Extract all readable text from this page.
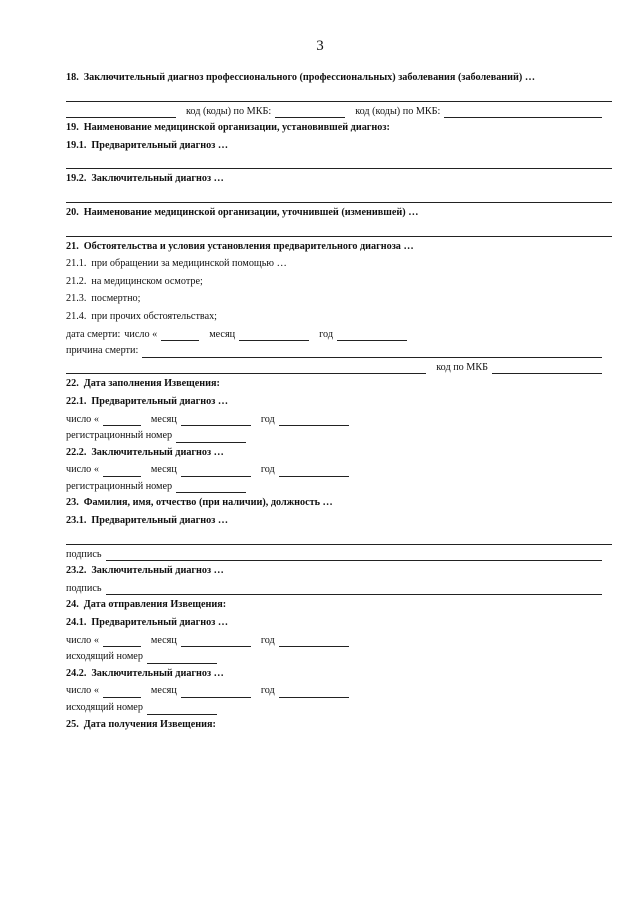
3
18. Заключительный диагноз профессионального (профессиональных) заболевания (заболеваний) …
код (коды) по МКБ:	код (коды) по МКБ:
19. Наименование медицинской организации, установившей диагноз:
19.1. Предварительный диагноз …
19.2. Заключительный диагноз …
20. Наименование медицинской организации, уточнившей (изменившей) …
21. Обстоятельства и условия установления предварительного диагноза …
21.1. при обращении за медицинской помощью …
21.2. на медицинском осмотре;
21.3. посмертно;
21.4. при прочих обстоятельствах;
дата смерти: число «	месяц	год
причина смерти:
код по МКБ
22. Дата заполнения Извещения:
22.1. Предварительный диагноз …
число «	месяц	год
регистрационный номер
22.2. Заключительный диагноз …
число «	месяц	год
регистрационный номер
23. Фамилия, имя, отчество (при наличии), должность …
23.1. Предварительный диагноз …
подпись
23.2. Заключительный диагноз …
подпись
24. Дата отправления Извещения:
24.1. Предварительный диагноз …
число «	месяц	год
исходящий номер
24.2. Заключительный диагноз …
число «	месяц	год
исходящий номер
25. Дата получения Извещения:
